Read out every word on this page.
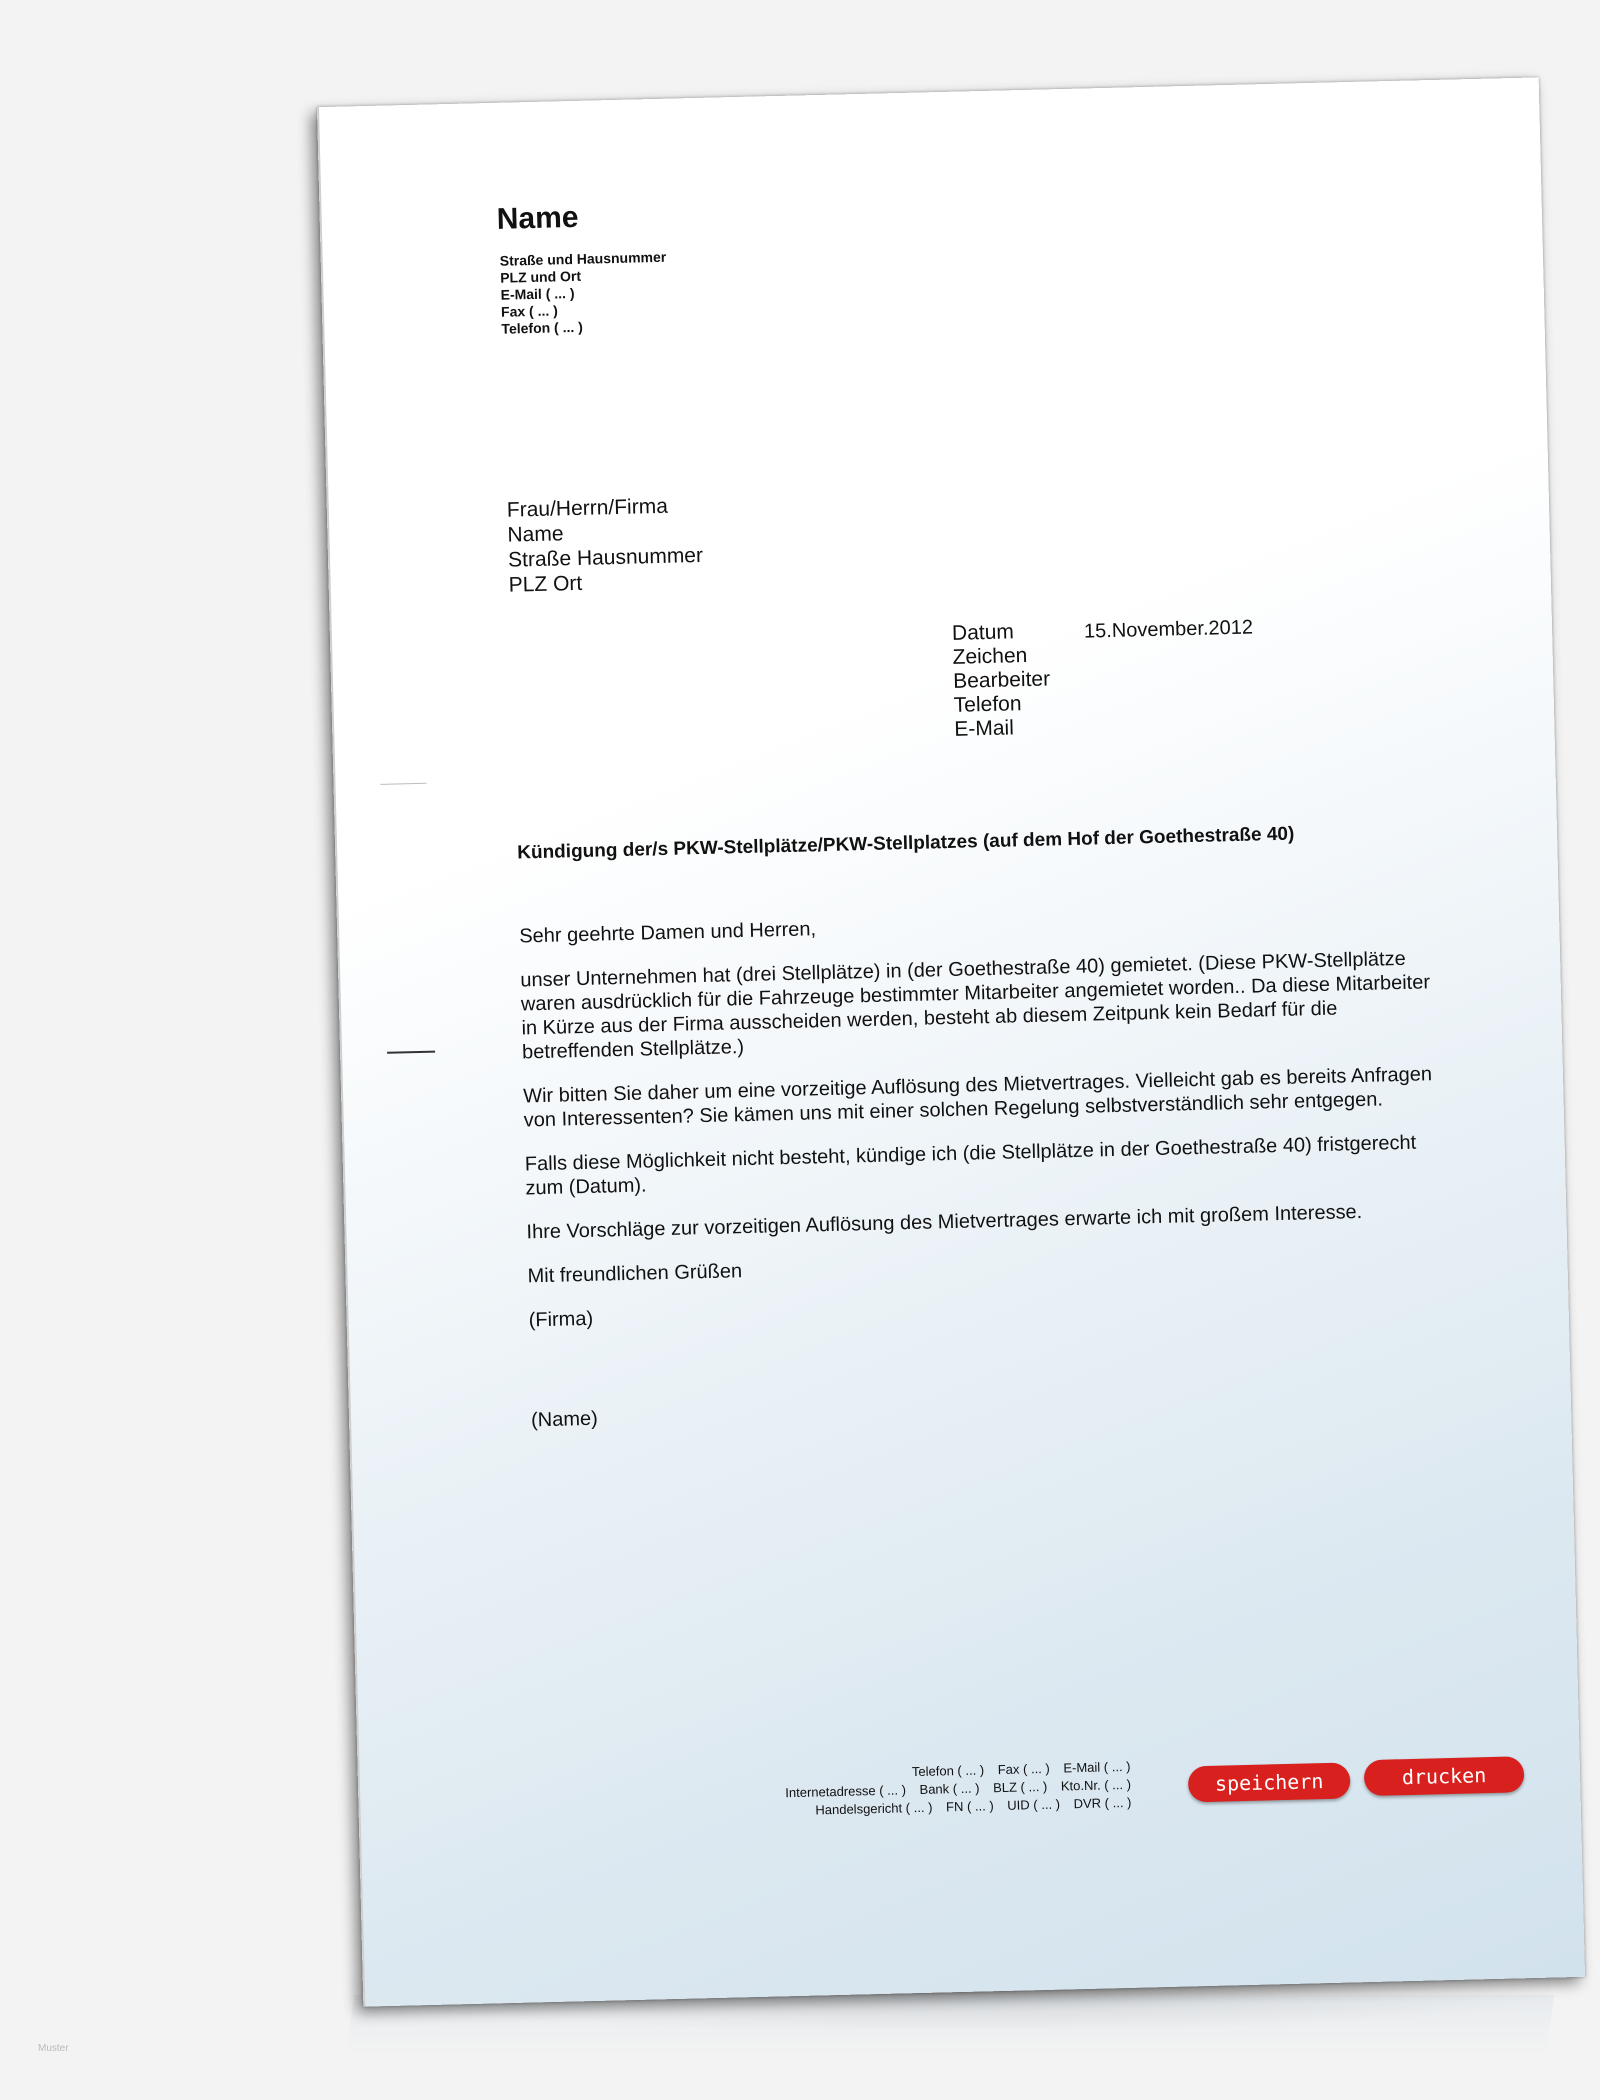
Name
Straße und Hausnummer
PLZ und Ort
E-Mail ( ... )
Fax ( ... )
Telefon ( ... )
Frau/Herrn/Firma
Name
Straße Hausnummer
PLZ Ort
Datum
Zeichen
Bearbeiter
Telefon
E-Mail
15.November.2012
Kündigung der/s PKW-Stellplätze/PKW-Stellplatzes (auf dem Hof der Goethestraße 40)

Sehr geehrte Damen und Herren,

unser Unternehmen hat (drei Stellplätze) in (der Goethestraße 40) gemietet. (Diese PKW-Stellplätze waren ausdrücklich für die Fahrzeuge bestimmter Mitarbeiter angemietet worden.. Da diese Mitarbeiter in Kürze aus der Firma ausscheiden werden, besteht ab diesem Zeitpunk kein Bedarf für die betreffenden Stellplätze.)

Wir bitten Sie daher um eine vorzeitige Auflösung des Mietvertrages. Vielleicht gab es bereits Anfragen von Interessenten? Sie kämen uns mit einer solchen Regelung selbstverständlich sehr entgegen.

Falls diese Möglichkeit nicht besteht, kündige ich (die Stellplätze in der Goethestraße 40) fristgerecht zum (Datum).

Ihre Vorschläge zur vorzeitigen Auflösung des Mietvertrages erwarte ich mit großem Interesse.

Mit freundlichen Grüßen

(Firma)

(Name)

Telefon ( ... ) Fax ( ... ) E-Mail ( ... )
Internetadresse ( ... ) Bank ( ... ) BLZ ( ... ) Kto.Nr. ( ... )
Handelsgericht ( ... ) FN ( ... ) UID ( ... ) DVR ( ... )
speichern	drucken
Muster
